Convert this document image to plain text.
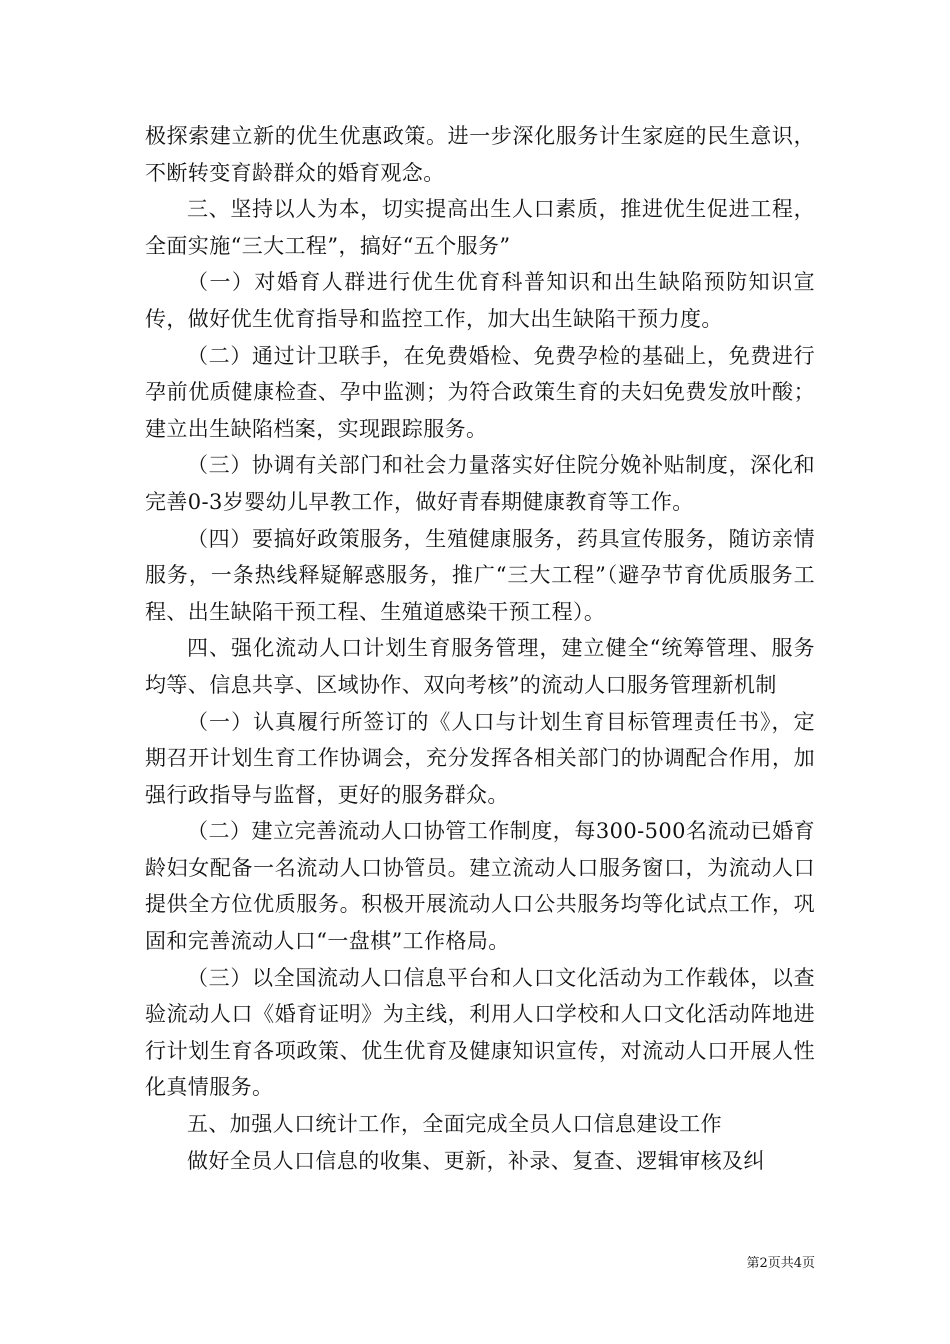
极探索建立新的优生优惠政策。进一步深化服务计生家庭的民生意识，不断转变育龄群众的婚育观念。

三、坚持以人为本，切实提高出生人口素质，推进优生促进工程，全面实施“三大工程”，搞好“五个服务”

（一）对婚育人群进行优生优育科普知识和出生缺陷预防知识宣传，做好优生优育指导和监控工作，加大出生缺陷干预力度。

（二）通过计卫联手，在免费婚检、免费孕检的基础上，免费进行孕前优质健康检查、孕中监测；为符合政策生育的夫妇免费发放叶酸；建立出生缺陷档案，实现跟踪服务。

（三）协调有关部门和社会力量落实好住院分娩补贴制度，深化和完善0-3岁婴幼儿早教工作，做好青春期健康教育等工作。

（四）要搞好政策服务，生殖健康服务，药具宣传服务，随访亲情服务，一条热线释疑解惑服务，推广“三大工程”（避孕节育优质服务工程、出生缺陷干预工程、生殖道感染干预工程）。

四、强化流动人口计划生育服务管理，建立健全“统筹管理、服务均等、信息共享、区域协作、双向考核”的流动人口服务管理新机制

（一）认真履行所签订的《人口与计划生育目标管理责任书》，定期召开计划生育工作协调会，充分发挥各相关部门的协调配合作用，加强行政指导与监督，更好的服务群众。

（二）建立完善流动人口协管工作制度，每300-500名流动已婚育龄妇女配备一名流动人口协管员。建立流动人口服务窗口，为流动人口提供全方位优质服务。积极开展流动人口公共服务均等化试点工作，巩固和完善流动人口“一盘棋”工作格局。

（三）以全国流动人口信息平台和人口文化活动为工作载体，以查验流动人口《婚育证明》为主线，利用人口学校和人口文化活动阵地进行计划生育各项政策、优生优育及健康知识宣传，对流动人口开展人性化真情服务。

五、加强人口统计工作，全面完成全员人口信息建设工作

做好全员人口信息的收集、更新，补录、复查、逻辑审核及纠

第2页共4页
